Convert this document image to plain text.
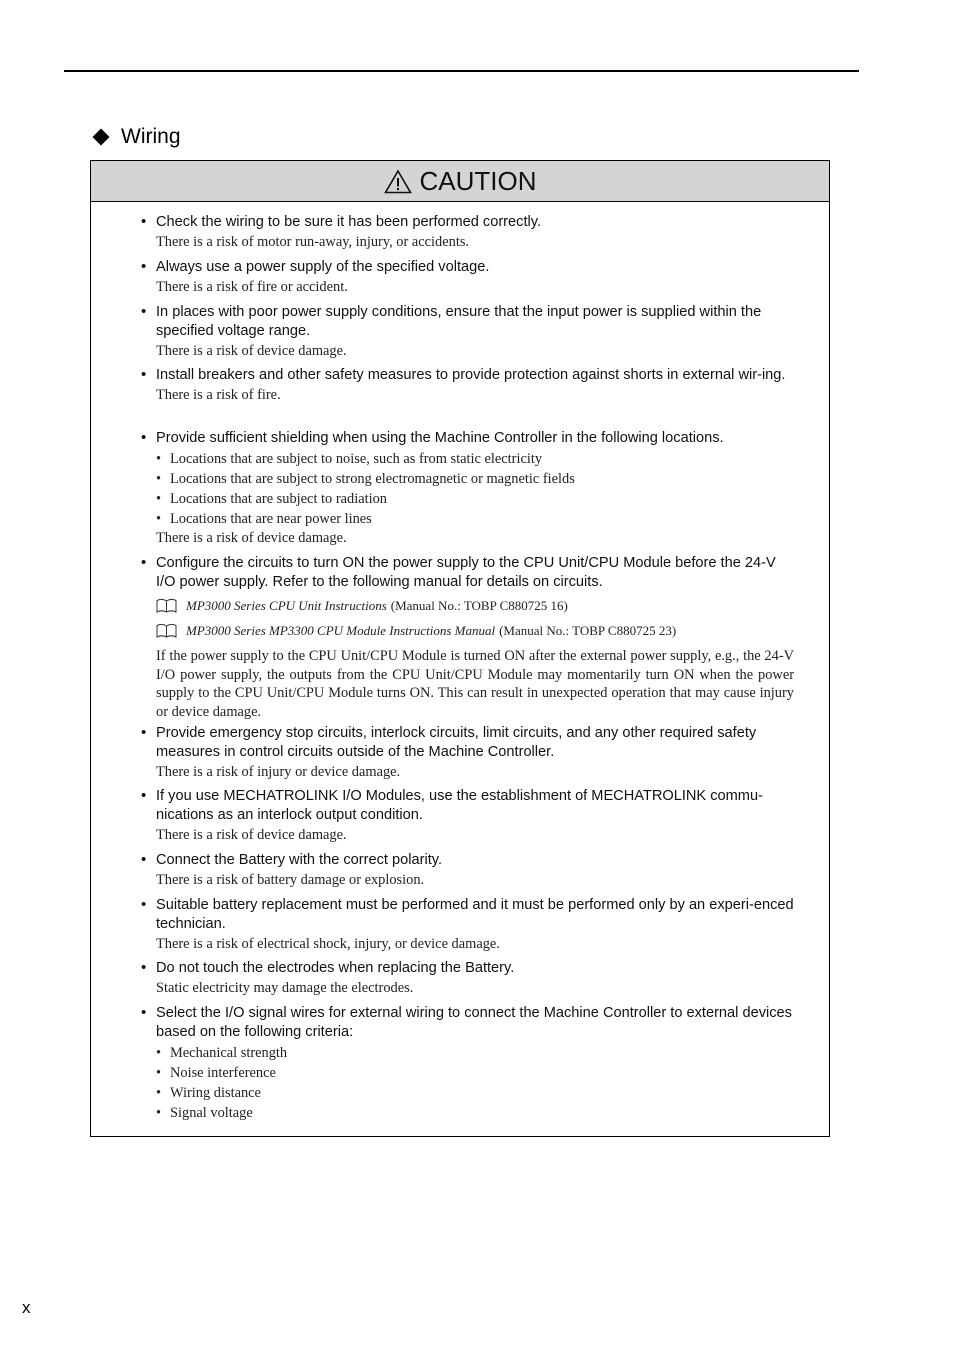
Wiring
CAUTION
• Check the wiring to be sure it has been performed correctly.
There is a risk of motor run-away, injury, or accidents.
• Always use a power supply of the specified voltage.
There is a risk of fire or accident.
• In places with poor power supply conditions, ensure that the input power is supplied within the specified voltage range.
There is a risk of device damage.
• Install breakers and other safety measures to provide protection against shorts in external wir-ing.
There is a risk of fire.
• Provide sufficient shielding when using the Machine Controller in the following locations.
• Locations that are subject to noise, such as from static electricity
• Locations that are subject to strong electromagnetic or magnetic fields
• Locations that are subject to radiation
• Locations that are near power lines
There is a risk of device damage.
• Configure the circuits to turn ON the power supply to the CPU Unit/CPU Module before the 24-V I/O power supply. Refer to the following manual for details on circuits.
MP3000 Series CPU Unit Instructions (Manual No.: TOBP C880725 16)
MP3000 Series MP3300 CPU Module Instructions Manual (Manual No.: TOBP C880725 23)
If the power supply to the CPU Unit/CPU Module is turned ON after the external power supply, e.g., the 24-V I/O power supply, the outputs from the CPU Unit/CPU Module may momentarily turn ON when the power supply to the CPU Unit/CPU Module turns ON. This can result in unexpected operation that may cause injury or device damage.
• Provide emergency stop circuits, interlock circuits, limit circuits, and any other required safety measures in control circuits outside of the Machine Controller.
There is a risk of injury or device damage.
• If you use MECHATROLINK I/O Modules, use the establishment of MECHATROLINK commu-nications as an interlock output condition.
There is a risk of device damage.
• Connect the Battery with the correct polarity.
There is a risk of battery damage or explosion.
• Suitable battery replacement must be performed and it must be performed only by an experi-enced technician.
There is a risk of electrical shock, injury, or device damage.
• Do not touch the electrodes when replacing the Battery.
Static electricity may damage the electrodes.
• Select the I/O signal wires for external wiring to connect the Machine Controller to external devices based on the following criteria:
• Mechanical strength
• Noise interference
• Wiring distance
• Signal voltage
x
